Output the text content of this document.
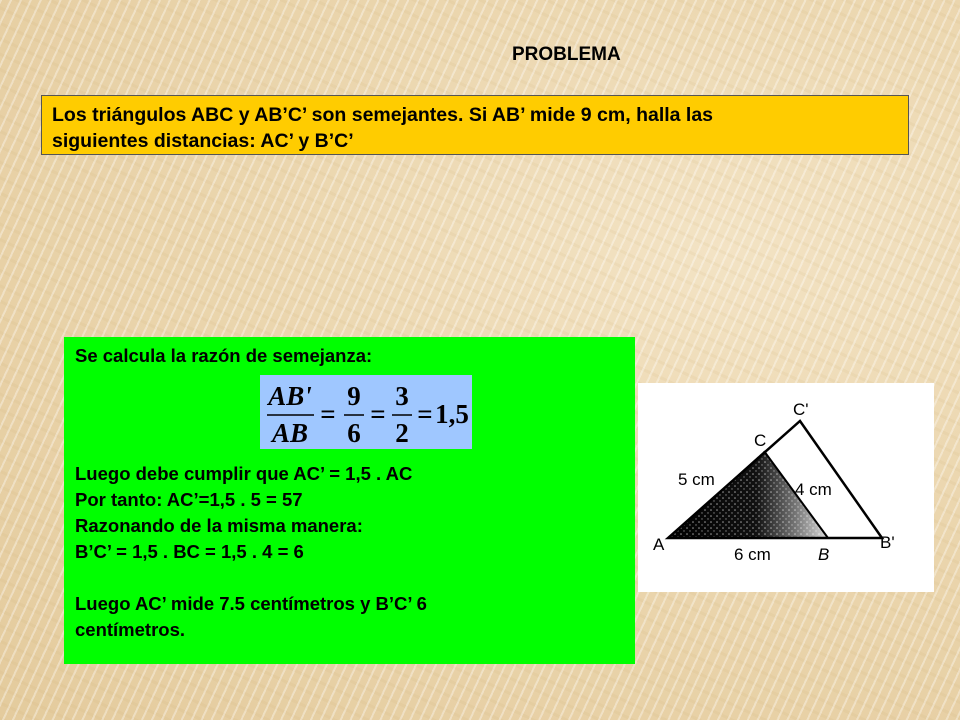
PROBLEMA
Los triángulos ABC y AB’C’ son semejantes. Si AB’ mide 9 cm, halla las
siguientes distancias: AC’ y B’C’
Se calcula la razón de semejanza:
AB'
AB
=
9
6
=
3
2
= 1,5
Luego debe cumplir que AC’ = 1,5 . AC
Por tanto: AC’=1,5 . 5 = 57
Razonando de la misma manera:
B’C’ = 1,5 . BC = 1,5 . 4 = 6
Luego AC’ mide 7.5 centímetros y B’C’ 6
centímetros.
C'
C
A
B
B'
5 cm
4 cm
6 cm
